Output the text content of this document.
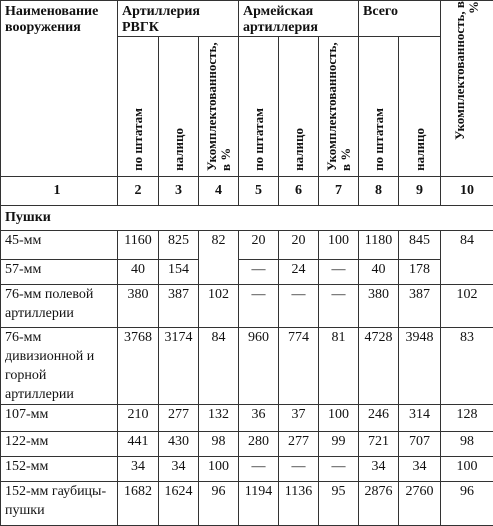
Наименование вооружения	Артиллерия РВГК			Армейская артиллерия			Всего		Укомплектованность, в %
	по штатам	налицо	Укомплектованность, в %	по штатам	налицо	Укомплектованность, в %	по штатам	налицо	
1	2	3	4	5	6	7	8	9	10
Пушки									
45-мм	1160	825	82	20	20	100	1180	845	84
57-мм	40	154		—	24	—	40	178	
76-мм полевой артиллерии	380	387	102	—	—	—	380	387	102
76-мм дивизионной и горной артиллерии	3768	3174	84	960	774	81	4728	3948	83
107-мм	210	277	132	36	37	100	246	314	128
122-мм	441	430	98	280	277	99	721	707	98
152-мм	34	34	100	—	—	—	34	34	100
152-мм гаубицы-пушки	1682	1624	96	1194	1136	95	2876	2760	96
